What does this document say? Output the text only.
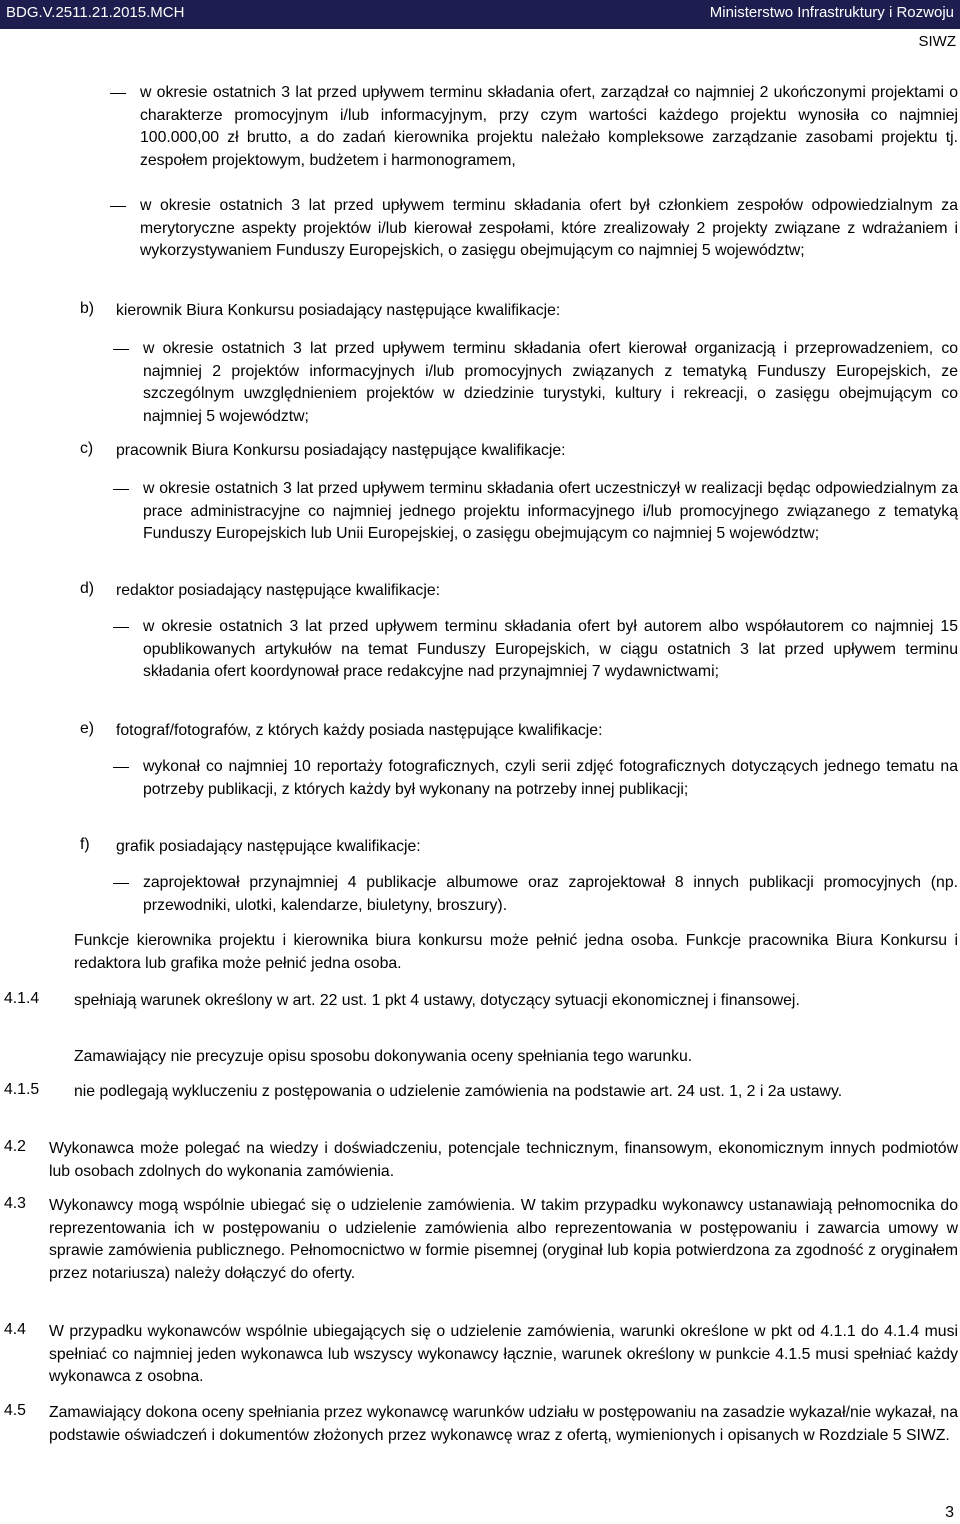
BDG.V.2511.21.2015.MCH	Ministerstwo Infrastruktury i Rozwoju
SIWZ

w okresie ostatnich 3 lat przed upływem terminu składania ofert, zarządzał co najmniej 2 ukończonymi projektami o charakterze promocyjnym i/lub informacyjnym, przy czym wartości każdego projektu wynosiła co najmniej 100.000,00 zł brutto, a do zadań kierownika projektu należało kompleksowe zarządzanie zasobami projektu tj. zespołem projektowym, budżetem i harmonogramem,

w okresie ostatnich 3 lat przed upływem terminu składania ofert był członkiem zespołów odpowiedzialnym za merytoryczne aspekty projektów i/lub kierował zespołami, które zrealizowały 2 projekty związane z wdrażaniem i wykorzystywaniem Funduszy Europejskich, o zasięgu obejmującym co najmniej 5 województw;

b) kierownik Biura Konkursu posiadający następujące kwalifikacje:

w okresie ostatnich 3 lat przed upływem terminu składania ofert kierował organizacją i przeprowadzeniem, co najmniej 2 projektów informacyjnych i/lub promocyjnych związanych z tematyką Funduszy Europejskich, ze szczególnym uwzględnieniem projektów w dziedzinie turystyki, kultury i rekreacji, o zasięgu obejmującym co najmniej 5 województw;

c) pracownik Biura Konkursu posiadający następujące kwalifikacje:

w okresie ostatnich 3 lat przed upływem terminu składania ofert uczestniczył w realizacji będąc odpowiedzialnym za prace administracyjne co najmniej jednego projektu informacyjnego i/lub promocyjnego związanego z tematyką Funduszy Europejskich lub Unii Europejskiej, o zasięgu obejmującym co najmniej 5 województw;

d) redaktor posiadający następujące kwalifikacje:

w okresie ostatnich 3 lat przed upływem terminu składania ofert był autorem albo współautorem co najmniej 15 opublikowanych artykułów na temat Funduszy Europejskich, w ciągu ostatnich 3 lat przed upływem terminu składania ofert koordynował prace redakcyjne nad przynajmniej 7 wydawnictwami;

e) fotograf/fotografów, z których każdy posiada następujące kwalifikacje:

wykonał co najmniej 10 reportaży fotograficznych, czyli serii zdjęć fotograficznych dotyczących jednego tematu na potrzeby publikacji, z których każdy był wykonany na potrzeby innej publikacji;

f) grafik posiadający następujące kwalifikacje:

zaprojektował przynajmniej 4 publikacje albumowe oraz zaprojektował 8 innych publikacji promocyjnych (np. przewodniki, ulotki, kalendarze, biuletyny, broszury).

Funkcje kierownika projektu i kierownika biura konkursu może pełnić jedna osoba. Funkcje pracownika Biura Konkursu i redaktora lub grafika może pełnić jedna osoba.

4.1.4 spełniają warunek określony w art. 22 ust. 1 pkt 4 ustawy, dotyczący sytuacji ekonomicznej i finansowej.

Zamawiający nie precyzuje opisu sposobu dokonywania oceny spełniania tego warunku.

4.1.5 nie podlegają wykluczeniu z postępowania o udzielenie zamówienia na podstawie art. 24 ust. 1, 2 i 2a ustawy.

4.2 Wykonawca może polegać na wiedzy i doświadczeniu, potencjale technicznym, finansowym, ekonomicznym innych podmiotów lub osobach zdolnych do wykonania zamówienia.

4.3 Wykonawcy mogą wspólnie ubiegać się o udzielenie zamówienia. W takim przypadku wykonawcy ustanawiają pełnomocnika do reprezentowania ich w postępowaniu o udzielenie zamówienia albo reprezentowania w postępowaniu i zawarcia umowy w sprawie zamówienia publicznego. Pełnomocnictwo w formie pisemnej (oryginał lub kopia potwierdzona za zgodność z oryginałem przez notariusza) należy dołączyć do oferty.

4.4 W przypadku wykonawców wspólnie ubiegających się o udzielenie zamówienia, warunki określone w pkt od 4.1.1 do 4.1.4 musi spełniać co najmniej jeden wykonawca lub wszyscy wykonawcy łącznie, warunek określony w punkcie 4.1.5 musi spełniać każdy wykonawca z osobna.

4.5 Zamawiający dokona oceny spełniania przez wykonawcę warunków udziału w postępowaniu na zasadzie wykazał/nie wykazał, na podstawie oświadczeń i dokumentów złożonych przez wykonawcę wraz z ofertą, wymienionych i opisanych w Rozdziale 5 SIWZ.

3
